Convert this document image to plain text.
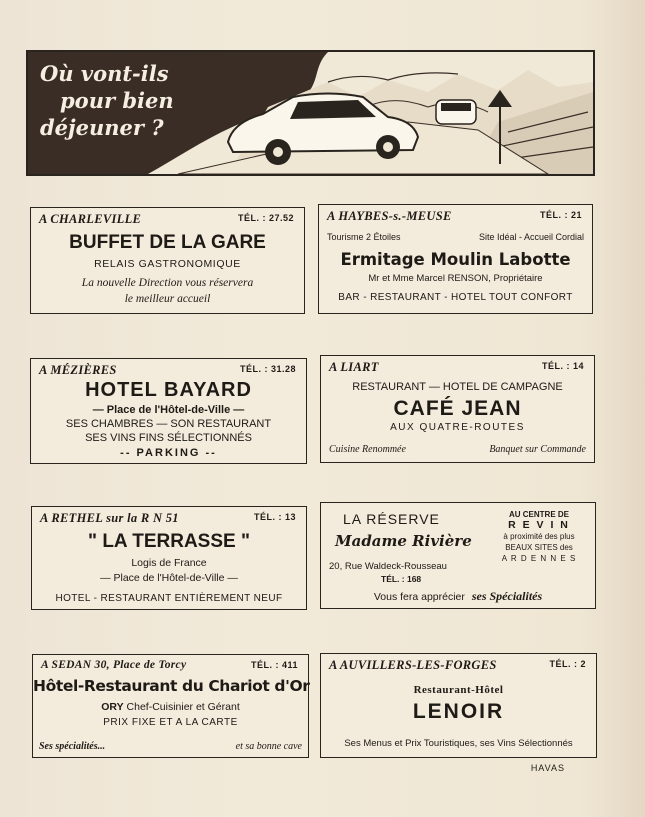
Où vont-ils
pour bien
déjeuner ?
A CHARLEVILLE	TÉL. : 27.52
BUFFET DE LA GARE
RELAIS GASTRONOMIQUE
La nouvelle Direction vous réservera
le meilleur accueil
A HAYBES-s.-MEUSE	TÉL. : 21
Tourisme 2 Étoiles	Site Idéal - Accueil Cordial
Ermitage Moulin Labotte
Mr et Mme Marcel RENSON, Propriétaire
BAR - RESTAURANT - HOTEL TOUT CONFORT
A MÉZIÈRES	TÉL. : 31.28
HOTEL BAYARD
— Place de l'Hôtel-de-Ville —
SES CHAMBRES — SON RESTAURANT
SES VINS FINS SÉLECTIONNÉS
-- PARKING --
A LIART	TÉL. : 14
RESTAURANT — HOTEL DE CAMPAGNE
CAFÉ JEAN
AUX QUATRE-ROUTES
Cuisine Renommée	Banquet sur Commande
A RETHEL sur la R N 51	TÉL. : 13
" LA TERRASSE "
Logis de France
— Place de l'Hôtel-de-Ville —
HOTEL - RESTAURANT ENTIÈREMENT NEUF
LA RÉSERVE
Madame Rivière
20, Rue Waldeck-Rousseau
TÉL. : 168
AU CENTRE DE
R E V I N
à proximité des plus
BEAUX SITES des
A R D E N N E S
Vous fera apprécier ses Spécialités
A SEDAN 30, Place de Torcy	TÉL. : 411
Hôtel-Restaurant du Chariot d'Or
ORY Chef-Cuisinier et Gérant
PRIX FIXE ET A LA CARTE
Ses spécialités...	et sa bonne cave
A AUVILLERS-LES-FORGES	TÉL. : 2
Restaurant-Hôtel
LENOIR
Ses Menus et Prix Touristiques, ses Vins Sélectionnés
HAVAS
